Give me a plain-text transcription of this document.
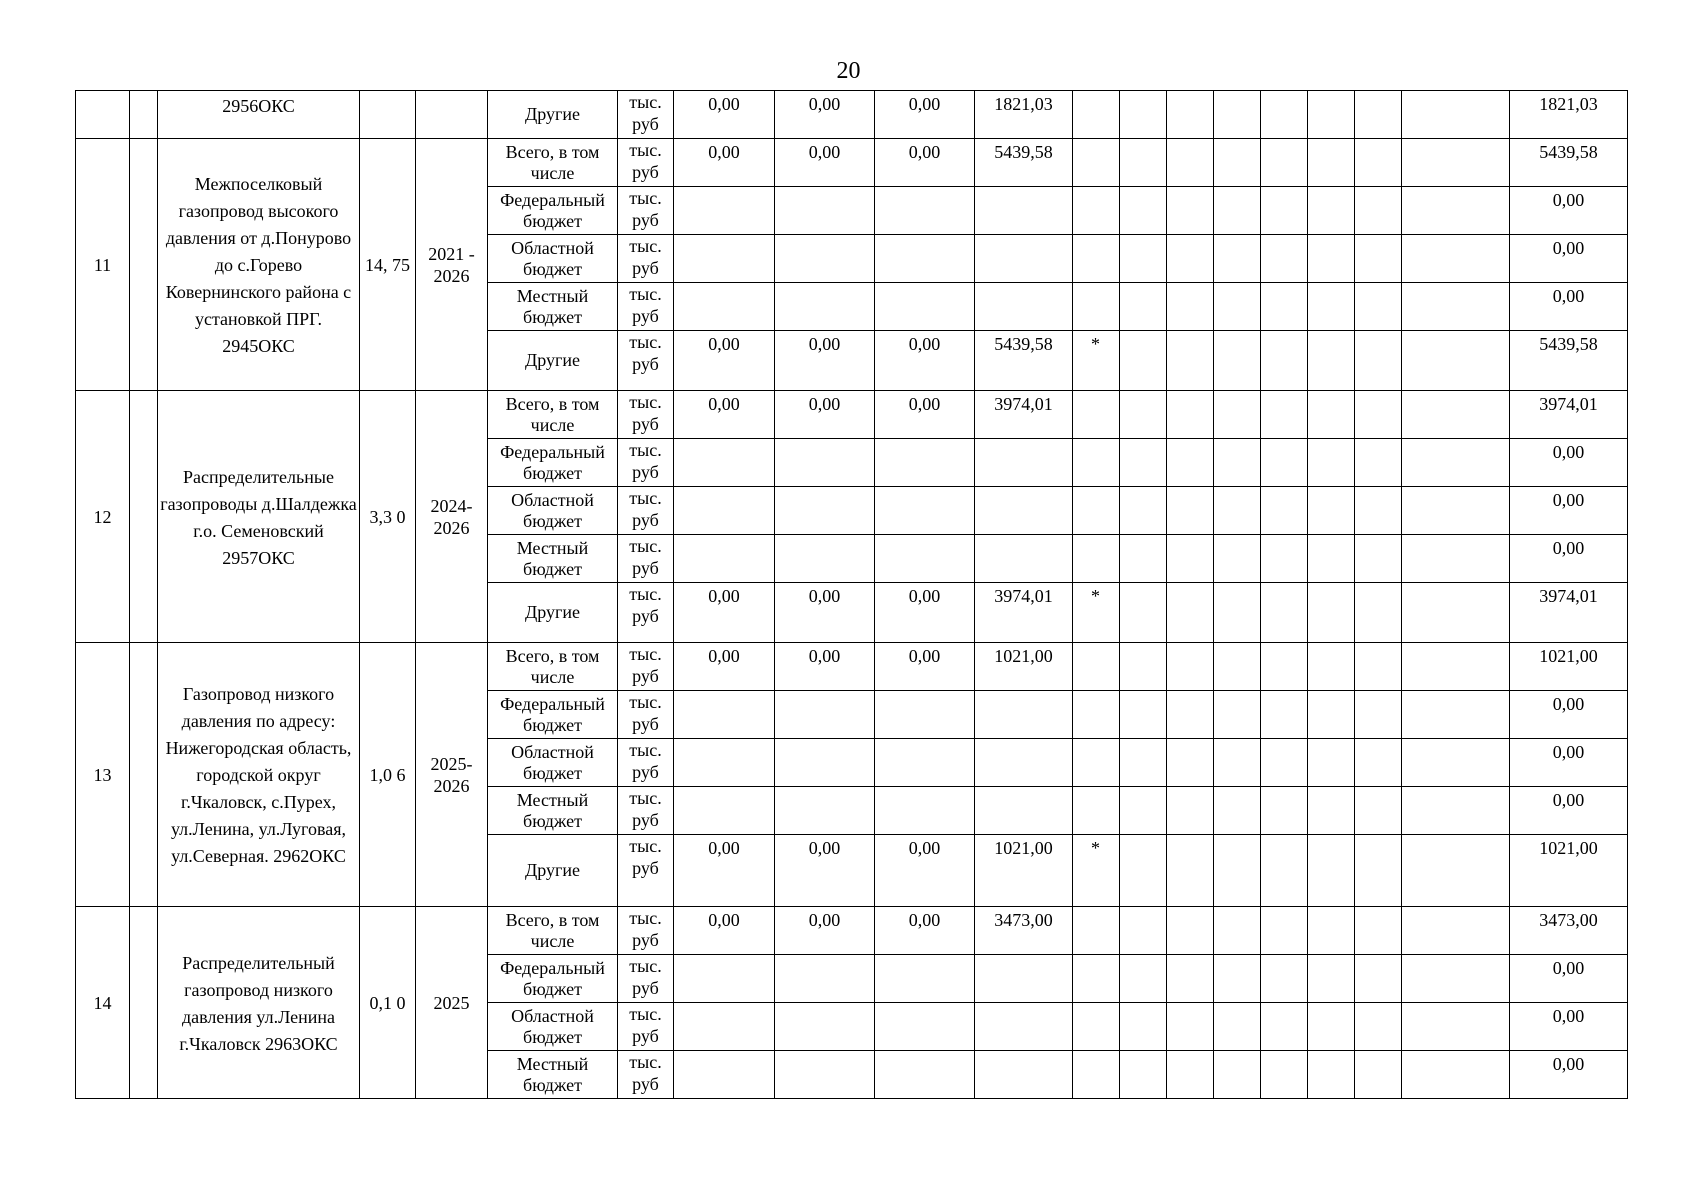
20
		2956ОКС			Другие	тыс. руб	0,00	0,00	0,00	1821,03									1821,03	
11		Межпоселковый газопровод высокого давления от д.Понурово до с.Горево Ковернинского района с установкой ПРГ. 2945ОКС	14, 75	2021 - 2026	Всего, в том числе	тыс. руб	0,00	0,00	0,00	5439,58									5439,58	
					Федеральный бюджет	тыс. руб													0,00	
					Областной бюджет	тыс. руб													0,00	
					Местный бюджет	тыс. руб													0,00	
					Другие	тыс. руб	0,00	0,00	0,00	5439,58	*								5439,58	
12		Распределительные газопроводы д.Шалдежка г.о. Семеновский 2957ОКС	3,3 0	2024- 2026	Всего, в том числе	тыс. руб	0,00	0,00	0,00	3974,01									3974,01	
					Федеральный бюджет	тыс. руб													0,00	
					Областной бюджет	тыс. руб													0,00	
					Местный бюджет	тыс. руб													0,00	
					Другие	тыс. руб	0,00	0,00	0,00	3974,01	*								3974,01	
13		Газопровод низкого давления по адресу: Нижегородская область, городской округ г.Чкаловск, с.Пурех, ул.Ленина, ул.Луговая, ул.Северная. 2962ОКС	1,0 6	2025- 2026	Всего, в том числе	тыс. руб	0,00	0,00	0,00	1021,00									1021,00	
					Федеральный бюджет	тыс. руб													0,00	
					Областной бюджет	тыс. руб													0,00	
					Местный бюджет	тыс. руб													0,00	
					Другие	тыс. руб	0,00	0,00	0,00	1021,00	*								1021,00	
14		Распределительный газопровод низкого давления ул.Ленина г.Чкаловск 2963ОКС	0,1 0	2025	Всего, в том числе	тыс. руб	0,00	0,00	0,00	3473,00									3473,00	
					Федеральный бюджет	тыс. руб													0,00	
					Областной бюджет	тыс. руб													0,00	
					Местный бюджет	тыс. руб													0,00	
